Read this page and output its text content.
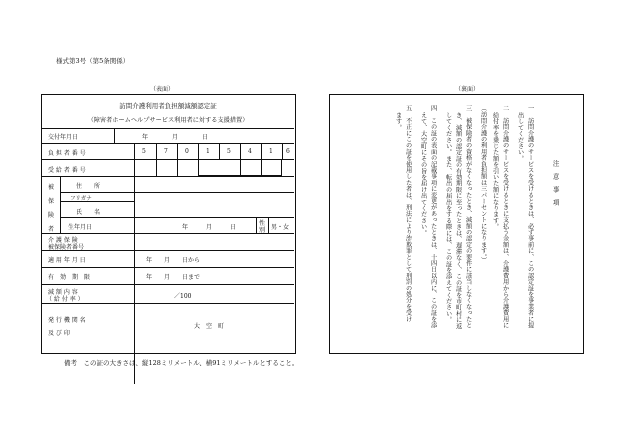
様式第3号（第5条関係）
（表面）	（裏面）
訪問介護利用者負担額減額認定証
（障害者ホームヘルプサービス利用者に対する支援措置）
交付年月日	年	月	日
負 担 者 番 号	5	7	0	1	5	4	1 6
受 給 者 番 号
被
保
険
者
住　　所
フリガナ
氏　　名
生年月日	年	月	日
性
別 男・女
介 護 保 険
被保険者番号
適 用 年 月 日	年　　月　　日から
有　効　期　限	年　　月　　日まで
減 額 内 容
（ 給 付 率 ）	／100
発 行 機 関 名
及 び 印
大　空　町
注　意　事　項
一　訪問介護のサービスを受けるときは、必ず事前に、この認定証を事業者に提
出してください。
二　訪問介護のサービスを受けるときに支払う金額は、介護費用から介護費用に
給付率を乗じた額を引いた額になります。
（訪問介護の利用者負担額は三パーセントになります。）
三　被保険者の資格がなくなったとき、減額の認定の要件に該当しなくなったと
き、減額の認定証の有効期限に至ったときは、遅滞なく、この証を市町村に返
してください。また、転出の届出をする際には、この証を添えてください。
四　この証の表面の記載事項に変更があったときは、十四日以内に、この証を添
えて、大空町にその旨を届け出てください。
五　不正にこの証を使用した者は、刑法により詐欺罪として刑罰の処分を受け
ます。
備考　この証の大きさは、縦128ミリメートル、横91ミリメートルとすること。
